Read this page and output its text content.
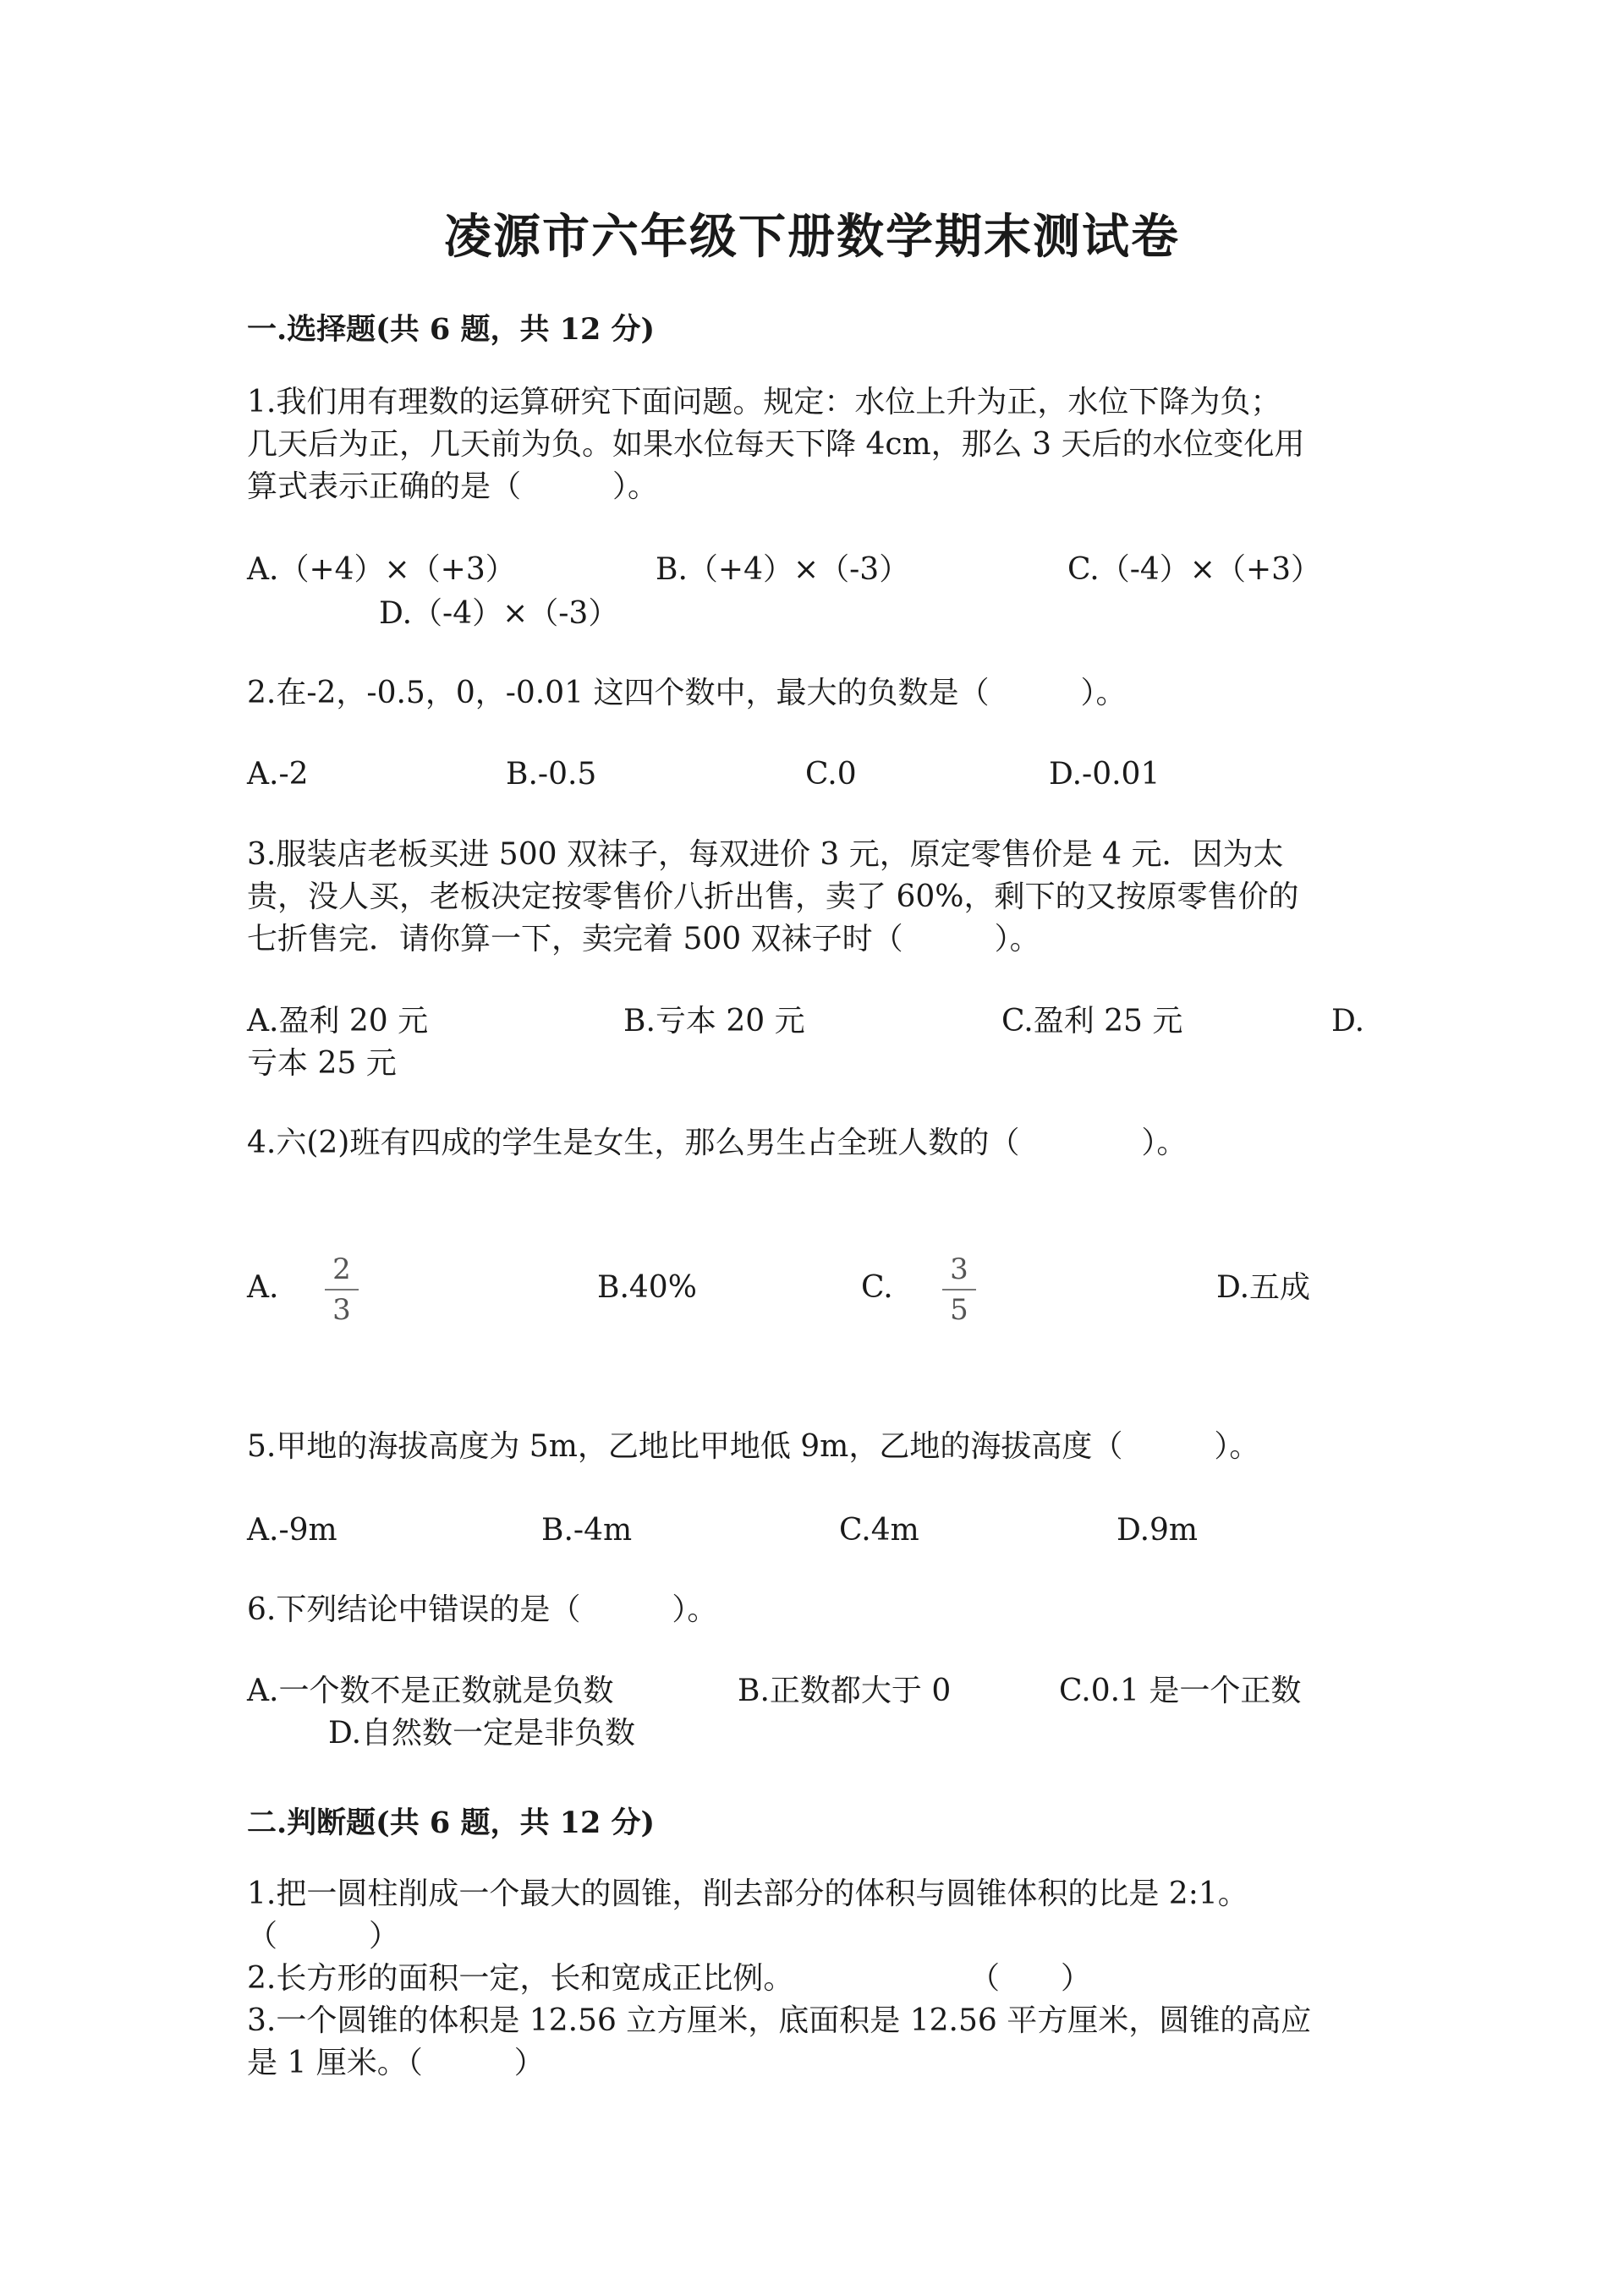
凌源市六年级下册数学期末测试卷
一.选择题(共 6 题，共 12 分)
1.我们用有理数的运算研究下面问题。规定：水位上升为正，水位下降为负；
几天后为正，几天前为负。如果水位每天下降 4cm，那么 3 天后的水位变化用
算式表示正确的是（　　　）。
A.（+4）×（+3）	B.（+4）×（-3）	C.（-4）×（+3）
D.（-4）×（-3）
2.在-2，-0.5，0，-0.01 这四个数中，最大的负数是（　　　）。
A.-2	B.-0.5	C.0	D.-0.01
3.服装店老板买进 500 双袜子，每双进价 3 元，原定零售价是 4 元．因为太
贵，没人买，老板决定按零售价八折出售，卖了 60%，剩下的又按原零售价的
七折售完．请你算一下，卖完着 500 双袜子时（　　　）。
A.盈利 20 元	B.亏本 20 元	C.盈利 25 元	D.
亏本 25 元
4.六(2)班有四成的学生是女生，那么男生占全班人数的（　　　　）。
A. $\frac{2}{3}$	B.40%	C. $\frac{3}{5}$	D.五成
5.甲地的海拔高度为 5m，乙地比甲地低 9m，乙地的海拔高度（　　　）。
A.-9m	B.-4m	C.4m	D.9m
6.下列结论中错误的是（　　　）。
A.一个数不是正数就是负数	B.正数都大于 0	C.0.1 是一个正数
D.自然数一定是非负数
二.判断题(共 6 题，共 12 分)
1.把一圆柱削成一个最大的圆锥，削去部分的体积与圆锥体积的比是 2:1。
（　　　）
2.长方形的面积一定，长和宽成正比例。	（　　）
3.一个圆锥的体积是 12.56 立方厘米，底面积是 12.56 平方厘米，圆锥的高应
是 1 厘米。（　　　）
